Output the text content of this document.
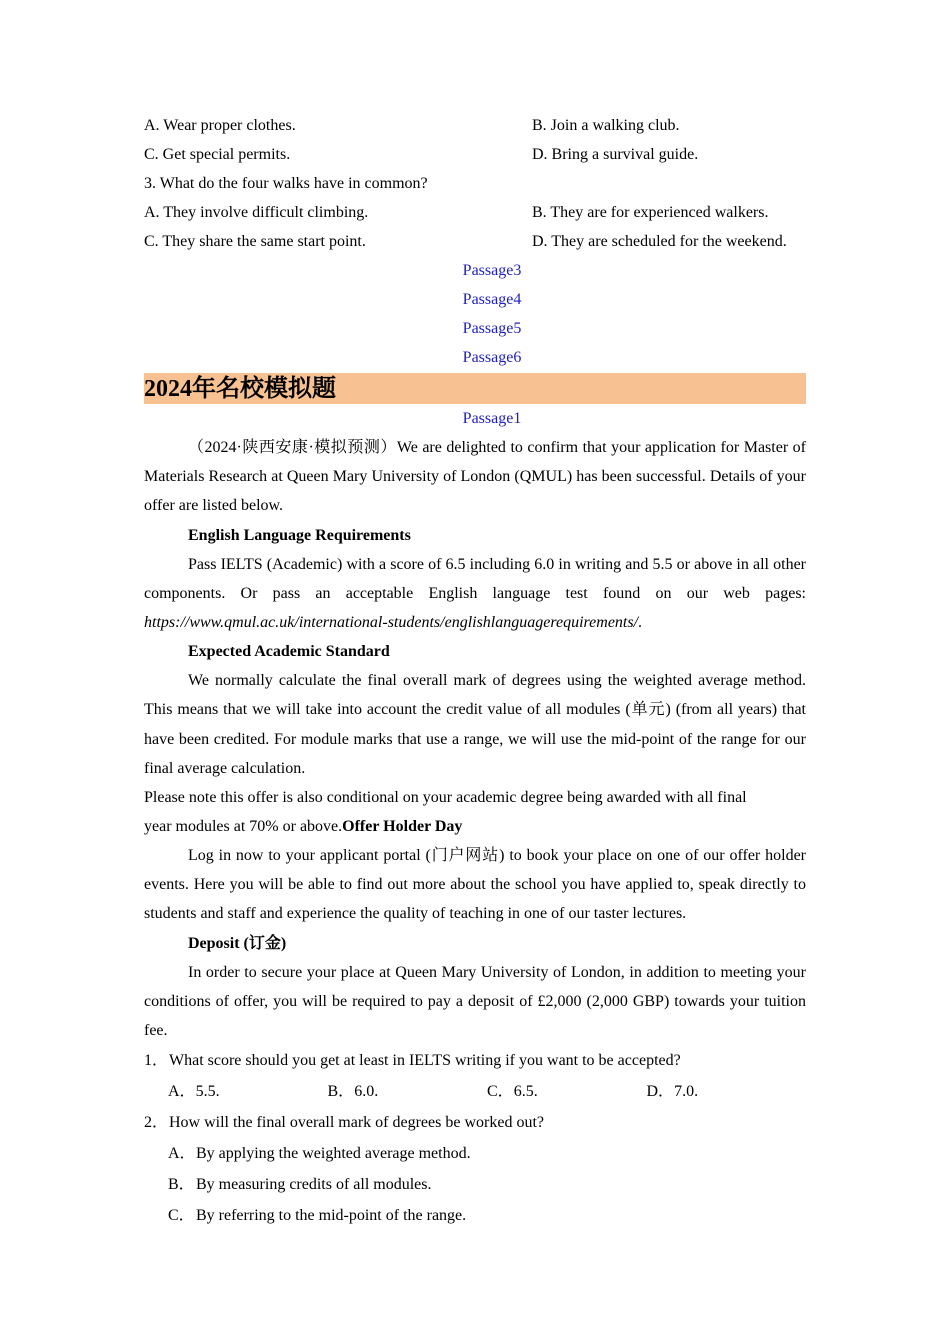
A. Wear proper clothes.	B. Join a walking club.
C. Get special permits.	D. Bring a survival guide.
3. What do the four walks have in common?
A. They involve difficult climbing.	B. They are for experienced walkers.
C. They share the same start point.	D. They are scheduled for the weekend.
Passage3
Passage4
Passage5
Passage6
2024年名校模拟题
Passage1
（2024·陕西安康·模拟预测）We are delighted to confirm that your application for Master of Materials Research at Queen Mary University of London (QMUL) has been successful. Details of your offer are listed below.
English Language Requirements
Pass IELTS (Academic) with a score of 6.5 including 6.0 in writing and 5.5 or above in all other components. Or pass an acceptable English language test found on our web pages: https://www.qmul.ac.uk/international-students/englishlanguagerequirements/.
Expected Academic Standard
We normally calculate the final overall mark of degrees using the weighted average method. This means that we will take into account the credit value of all modules (单元) (from all years) that have been credited. For module marks that use a range, we will use the mid-point of the range for our final average calculation.
Please note this offer is also conditional on your academic degree being awarded with all final
year modules at 70% or above.Offer Holder Day
Log in now to your applicant portal (门户网站) to book your place on one of our offer holder events. Here you will be able to find out more about the school you have applied to, speak directly to students and staff and experience the quality of teaching in one of our taster lectures.
Deposit (订金)
In order to secure your place at Queen Mary University of London, in addition to meeting your conditions of offer, you will be required to pay a deposit of £2,000 (2,000 GBP) towards your tuition fee.
1．What score should you get at least in IELTS writing if you want to be accepted?
A．5.5.	B．6.0.	C．6.5.	D．7.0.
2．How will the final overall mark of degrees be worked out?
A．By applying the weighted average method.
B．By measuring credits of all modules.
C．By referring to the mid-point of the range.
